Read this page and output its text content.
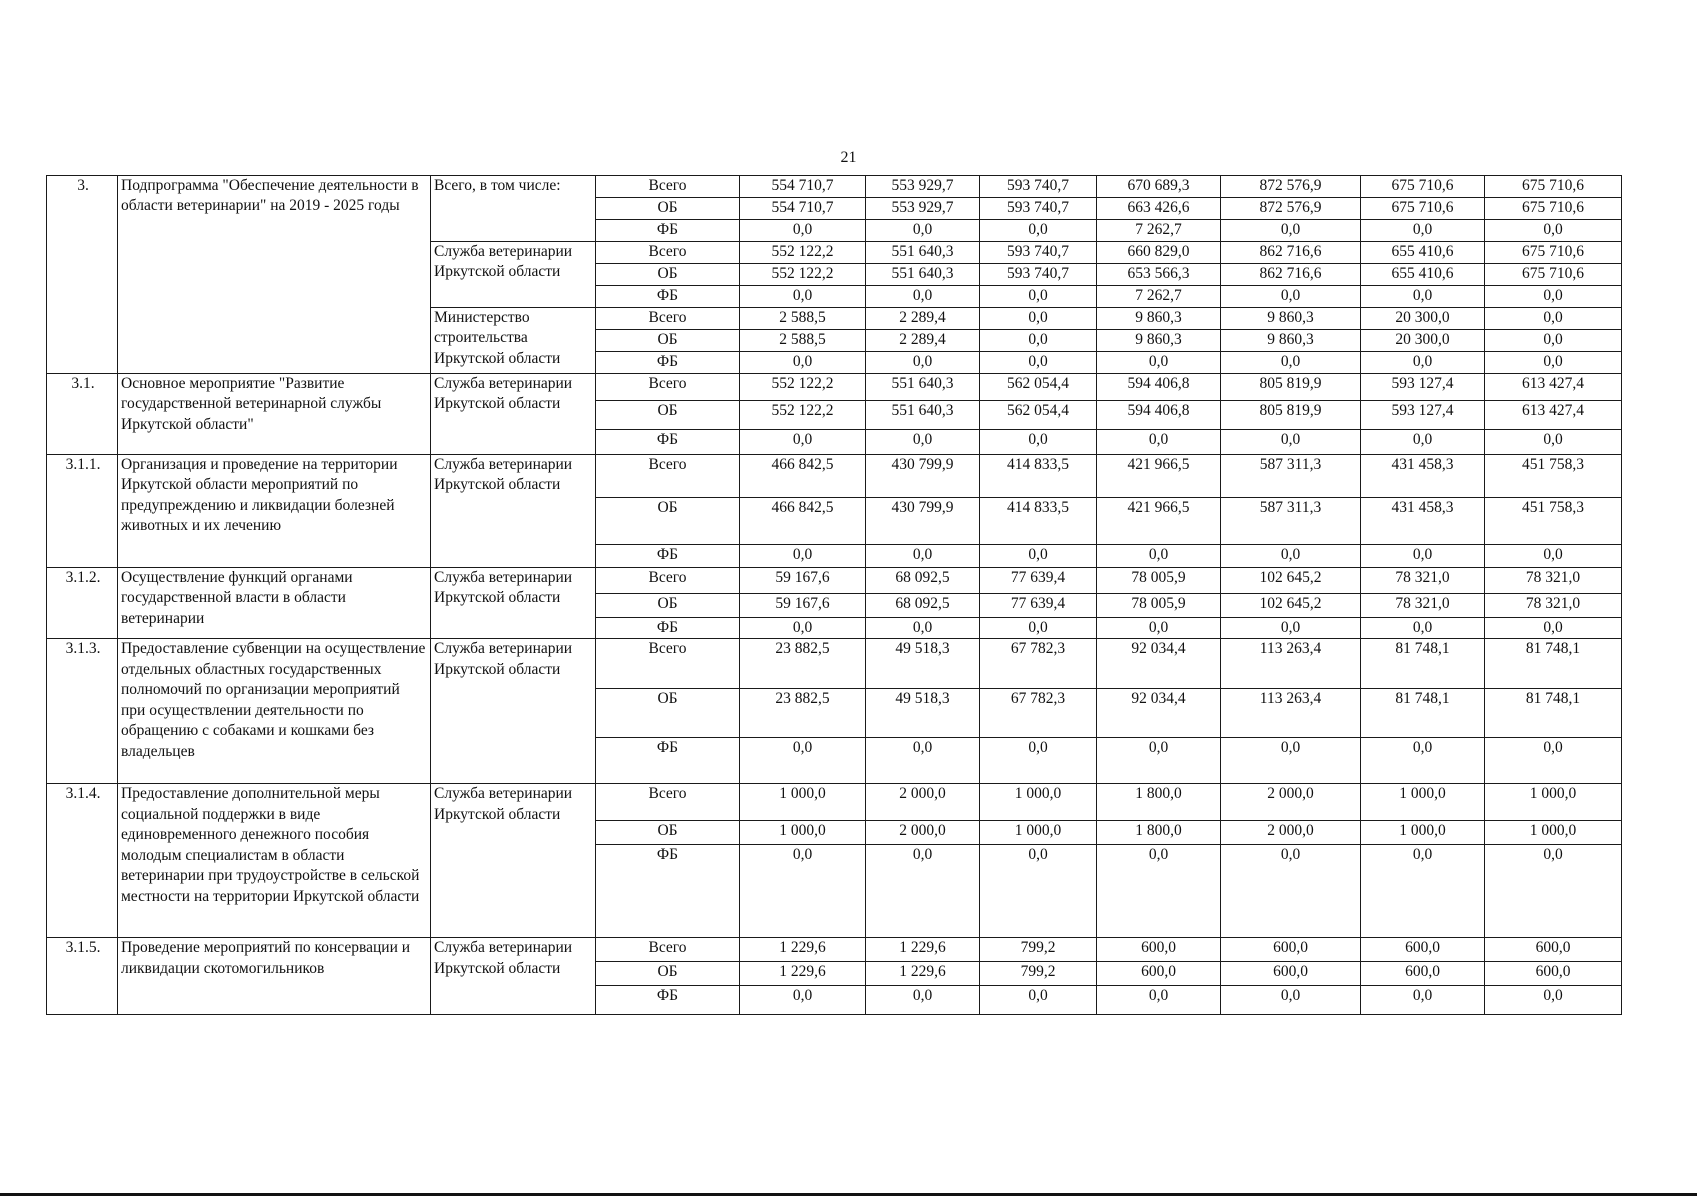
21
3.	Подпрограмма "Обеспечение деятельности в области ветеринарии" на 2019 - 2025 годы	Всего, в том числе:	Всего	554 710,7	553 929,7	593 740,7	670 689,3	872 576,9	675 710,6	675 710,6
			ОБ	554 710,7	553 929,7	593 740,7	663 426,6	872 576,9	675 710,6	675 710,6
			ФБ	0,0	0,0	0,0	7 262,7	0,0	0,0	0,0
		Служба ветеринарии Иркутской области	Всего	552 122,2	551 640,3	593 740,7	660 829,0	862 716,6	655 410,6	675 710,6
			ОБ	552 122,2	551 640,3	593 740,7	653 566,3	862 716,6	655 410,6	675 710,6
			ФБ	0,0	0,0	0,0	7 262,7	0,0	0,0	0,0
		Министерство строительства Иркутской области	Всего	2 588,5	2 289,4	0,0	9 860,3	9 860,3	20 300,0	0,0
			ОБ	2 588,5	2 289,4	0,0	9 860,3	9 860,3	20 300,0	0,0
			ФБ	0,0	0,0	0,0	0,0	0,0	0,0	0,0
3.1.	Основное мероприятие "Развитие государственной ветеринарной службы Иркутской области"	Служба ветеринарии Иркутской области	Всего	552 122,2	551 640,3	562 054,4	594 406,8	805 819,9	593 127,4	613 427,4
			ОБ	552 122,2	551 640,3	562 054,4	594 406,8	805 819,9	593 127,4	613 427,4
			ФБ	0,0	0,0	0,0	0,0	0,0	0,0	0,0
3.1.1.	Организация и проведение на территории Иркутской области мероприятий по предупреждению и ликвидации болезней животных и их лечению	Служба ветеринарии Иркутской области	Всего	466 842,5	430 799,9	414 833,5	421 966,5	587 311,3	431 458,3	451 758,3
			ОБ	466 842,5	430 799,9	414 833,5	421 966,5	587 311,3	431 458,3	451 758,3
			ФБ	0,0	0,0	0,0	0,0	0,0	0,0	0,0
3.1.2.	Осуществление функций органами государственной власти в области ветеринарии	Служба ветеринарии Иркутской области	Всего	59 167,6	68 092,5	77 639,4	78 005,9	102 645,2	78 321,0	78 321,0
			ОБ	59 167,6	68 092,5	77 639,4	78 005,9	102 645,2	78 321,0	78 321,0
			ФБ	0,0	0,0	0,0	0,0	0,0	0,0	0,0
3.1.3.	Предоставление субвенции на осуществление отдельных областных государственных полномочий по организации мероприятий при осуществлении деятельности по обращению с собаками и кошками без владельцев	Служба ветеринарии Иркутской области	Всего	23 882,5	49 518,3	67 782,3	92 034,4	113 263,4	81 748,1	81 748,1
			ОБ	23 882,5	49 518,3	67 782,3	92 034,4	113 263,4	81 748,1	81 748,1
			ФБ	0,0	0,0	0,0	0,0	0,0	0,0	0,0
3.1.4.	Предоставление дополнительной меры социальной поддержки в виде единовременного денежного пособия молодым специалистам в области ветеринарии при трудоустройстве в сельской местности на территории Иркутской области	Служба ветеринарии Иркутской области	Всего	1 000,0	2 000,0	1 000,0	1 800,0	2 000,0	1 000,0	1 000,0
			ОБ	1 000,0	2 000,0	1 000,0	1 800,0	2 000,0	1 000,0	1 000,0
			ФБ	0,0	0,0	0,0	0,0	0,0	0,0	0,0
3.1.5.	Проведение мероприятий по консервации и ликвидации скотомогильников	Служба ветеринарии Иркутской области	Всего	1 229,6	1 229,6	799,2	600,0	600,0	600,0	600,0
			ОБ	1 229,6	1 229,6	799,2	600,0	600,0	600,0	600,0
			ФБ	0,0	0,0	0,0	0,0	0,0	0,0	0,0
